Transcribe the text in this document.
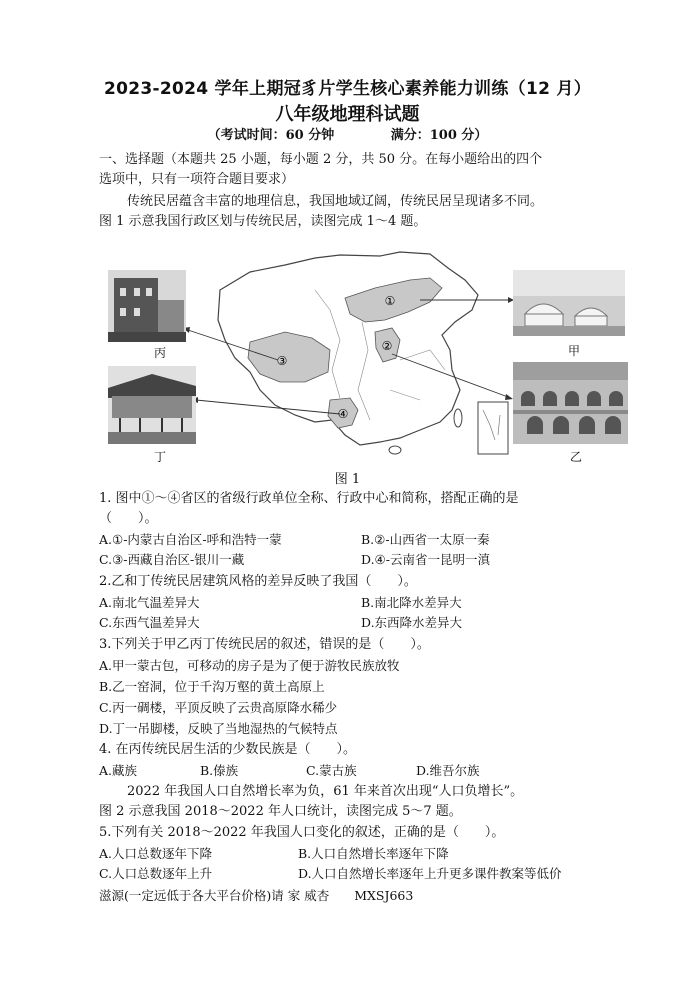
2023-2024 学年上期冠豸片学生核心素养能力训练（12 月）
八年级地理科试题
（考试时间：60 分钟	满分：100 分）
一、选择题（本题共 25 小题，每小题 2 分，共 50 分。在每小题给出的四个
选项中，只有一项符合题目要求）
传统民居蕴含丰富的地理信息，我国地域辽阔，传统民居呈现诸多不同。
图 1 示意我国行政区划与传统民居，读图完成 1～4 题。
①
②
③
④
丙	甲
丁	乙
图 1
1. 图中①～④省区的省级行政单位全称、行政中心和简称，搭配正确的是
（　　）。
A.①-内蒙古自治区-呼和浩特一蒙	B.②-山西省一太原一秦
C.③-西藏自治区-银川一藏	D.④-云南省一昆明一滇
2.乙和丁传统民居建筑风格的差异反映了我国（　　）。
A.南北气温差异大	B.南北降水差异大
C.东西气温差异大	D.东西降水差异大
3.下列关于甲乙丙丁传统民居的叙述，错误的是（　　）。
A.甲一蒙古包，可移动的房子是为了便于游牧民族放牧
B.乙一窑洞，位于千沟万壑的黄土高原上
C.丙一碉楼，平顶反映了云贵高原降水稀少
D.丁一吊脚楼，反映了当地湿热的气候特点
4. 在丙传统民居生活的少数民族是（　　）。
A.藏族	B.傣族	C.蒙古族	D.维吾尔族
2022 年我国人口自然增长率为负，61 年来首次出现“人口负增长”。
图 2 示意我国 2018～2022 年人口统计，读图完成 5～7 题。
5.下列有关 2018～2022 年我国人口变化的叙述，正确的是（　　）。
A.人口总数逐年下降	B.人口自然增长率逐年下降
C.人口总数逐年上升	D.人口自然增长率逐年上升更多课件教案等低价
滋源(一定远低于各大平台价格)请 家 威杏　　MXSJ663
